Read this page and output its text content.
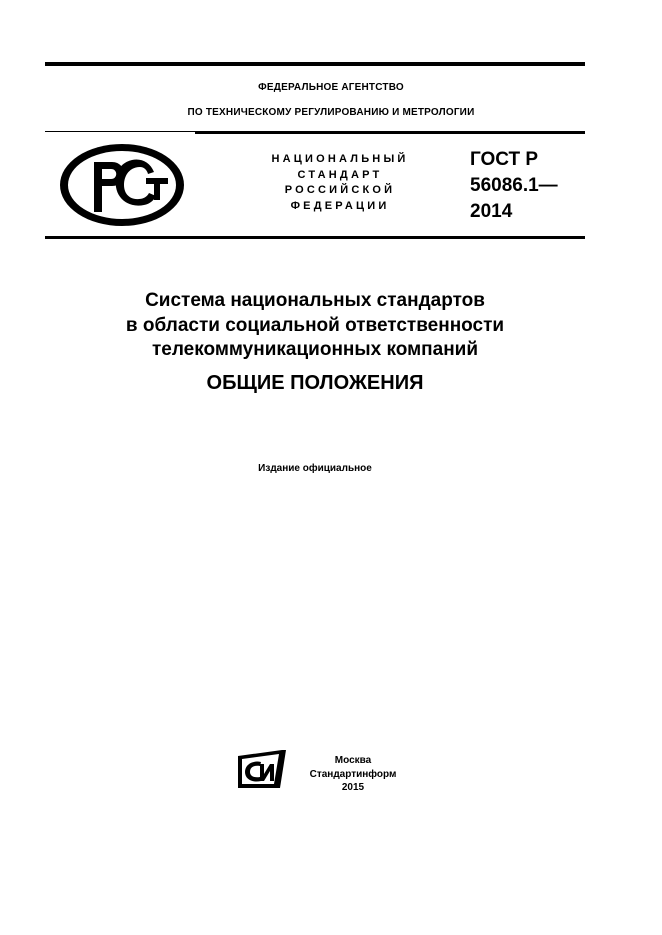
ФЕДЕРАЛЬНОЕ АГЕНТСТВО
ПО ТЕХНИЧЕСКОМУ РЕГУЛИРОВАНИЮ И МЕТРОЛОГИИ
НАЦИОНАЛЬНЫЙ
СТАНДАРТ
РОССИЙСКОЙ
ФЕДЕРАЦИИ
ГОСТ Р
56086.1—
2014
Система национальных стандартов
в области социальной ответственности
телекоммуникационных компаний
ОБЩИЕ ПОЛОЖЕНИЯ
Издание официальное
Москва
Стандартинформ
2015
